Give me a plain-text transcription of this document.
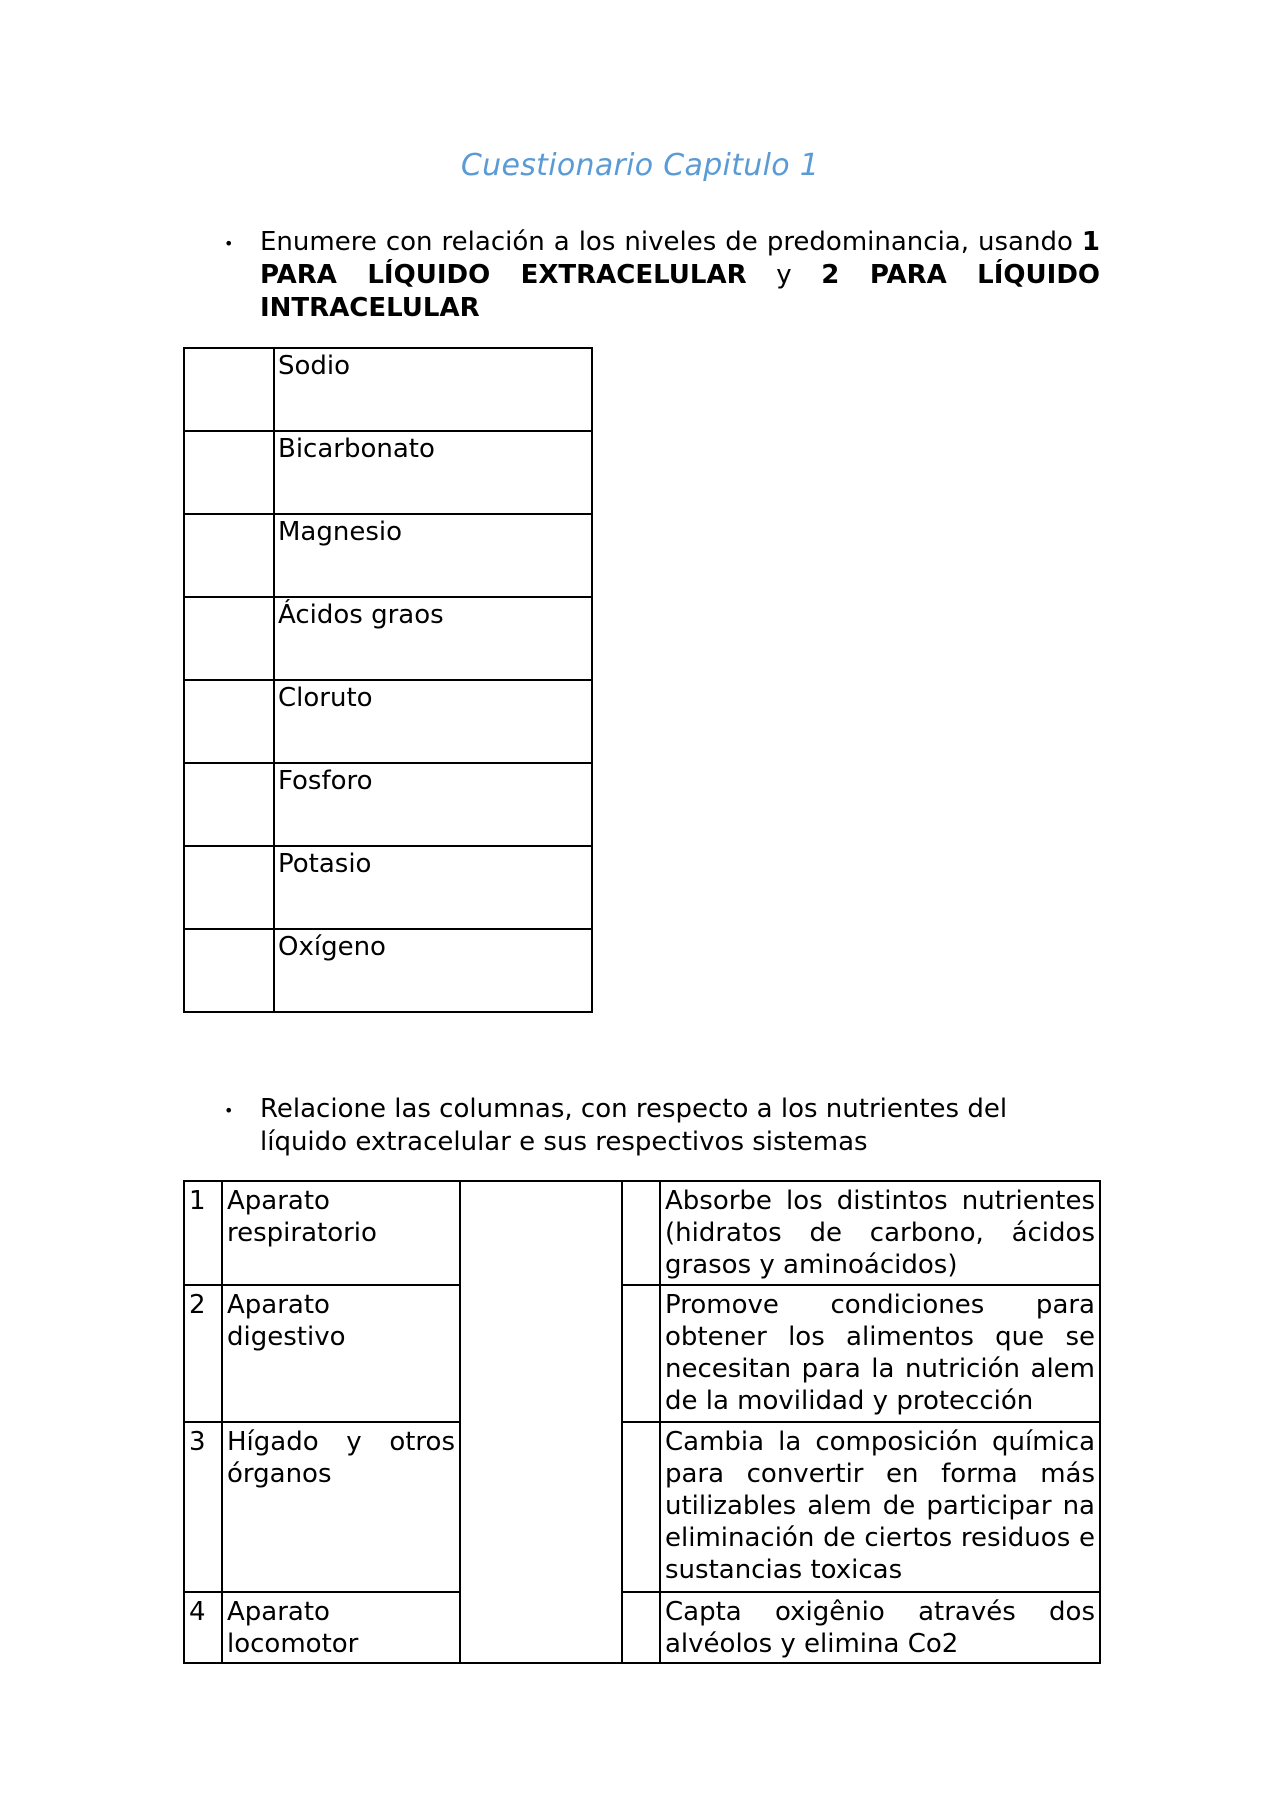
Cuestionario Capitulo 1
• Enumere con relación a los niveles de predominancia, usando 1 PARA LÍQUIDO EXTRACELULAR y 2 PARA LÍQUIDO INTRACELULAR
	Sodio
	Bicarbonato
	Magnesio
	Ácidos graos
	Cloruto
	Fosforo
	Potasio
	Oxígeno
• Relacione las columnas, con respecto a los nutrientes del líquido extracelular e sus respectivos sistemas
1	Aparato respiratorio			Absorbe los distintos nutrientes (hidratos de carbono, ácidos grasos y aminoácidos)
2	Aparato digestivo			Promove condiciones para obtener los alimentos que se necesitan para la nutrición alem de la movilidad y protección
3	Hígado y otros órganos			Cambia la composición química para convertir en forma más utilizables alem de participar na eliminación de ciertos residuos e sustancias toxicas
4	Aparato locomotor			Capta oxigênio através dos alvéolos y elimina Co2
